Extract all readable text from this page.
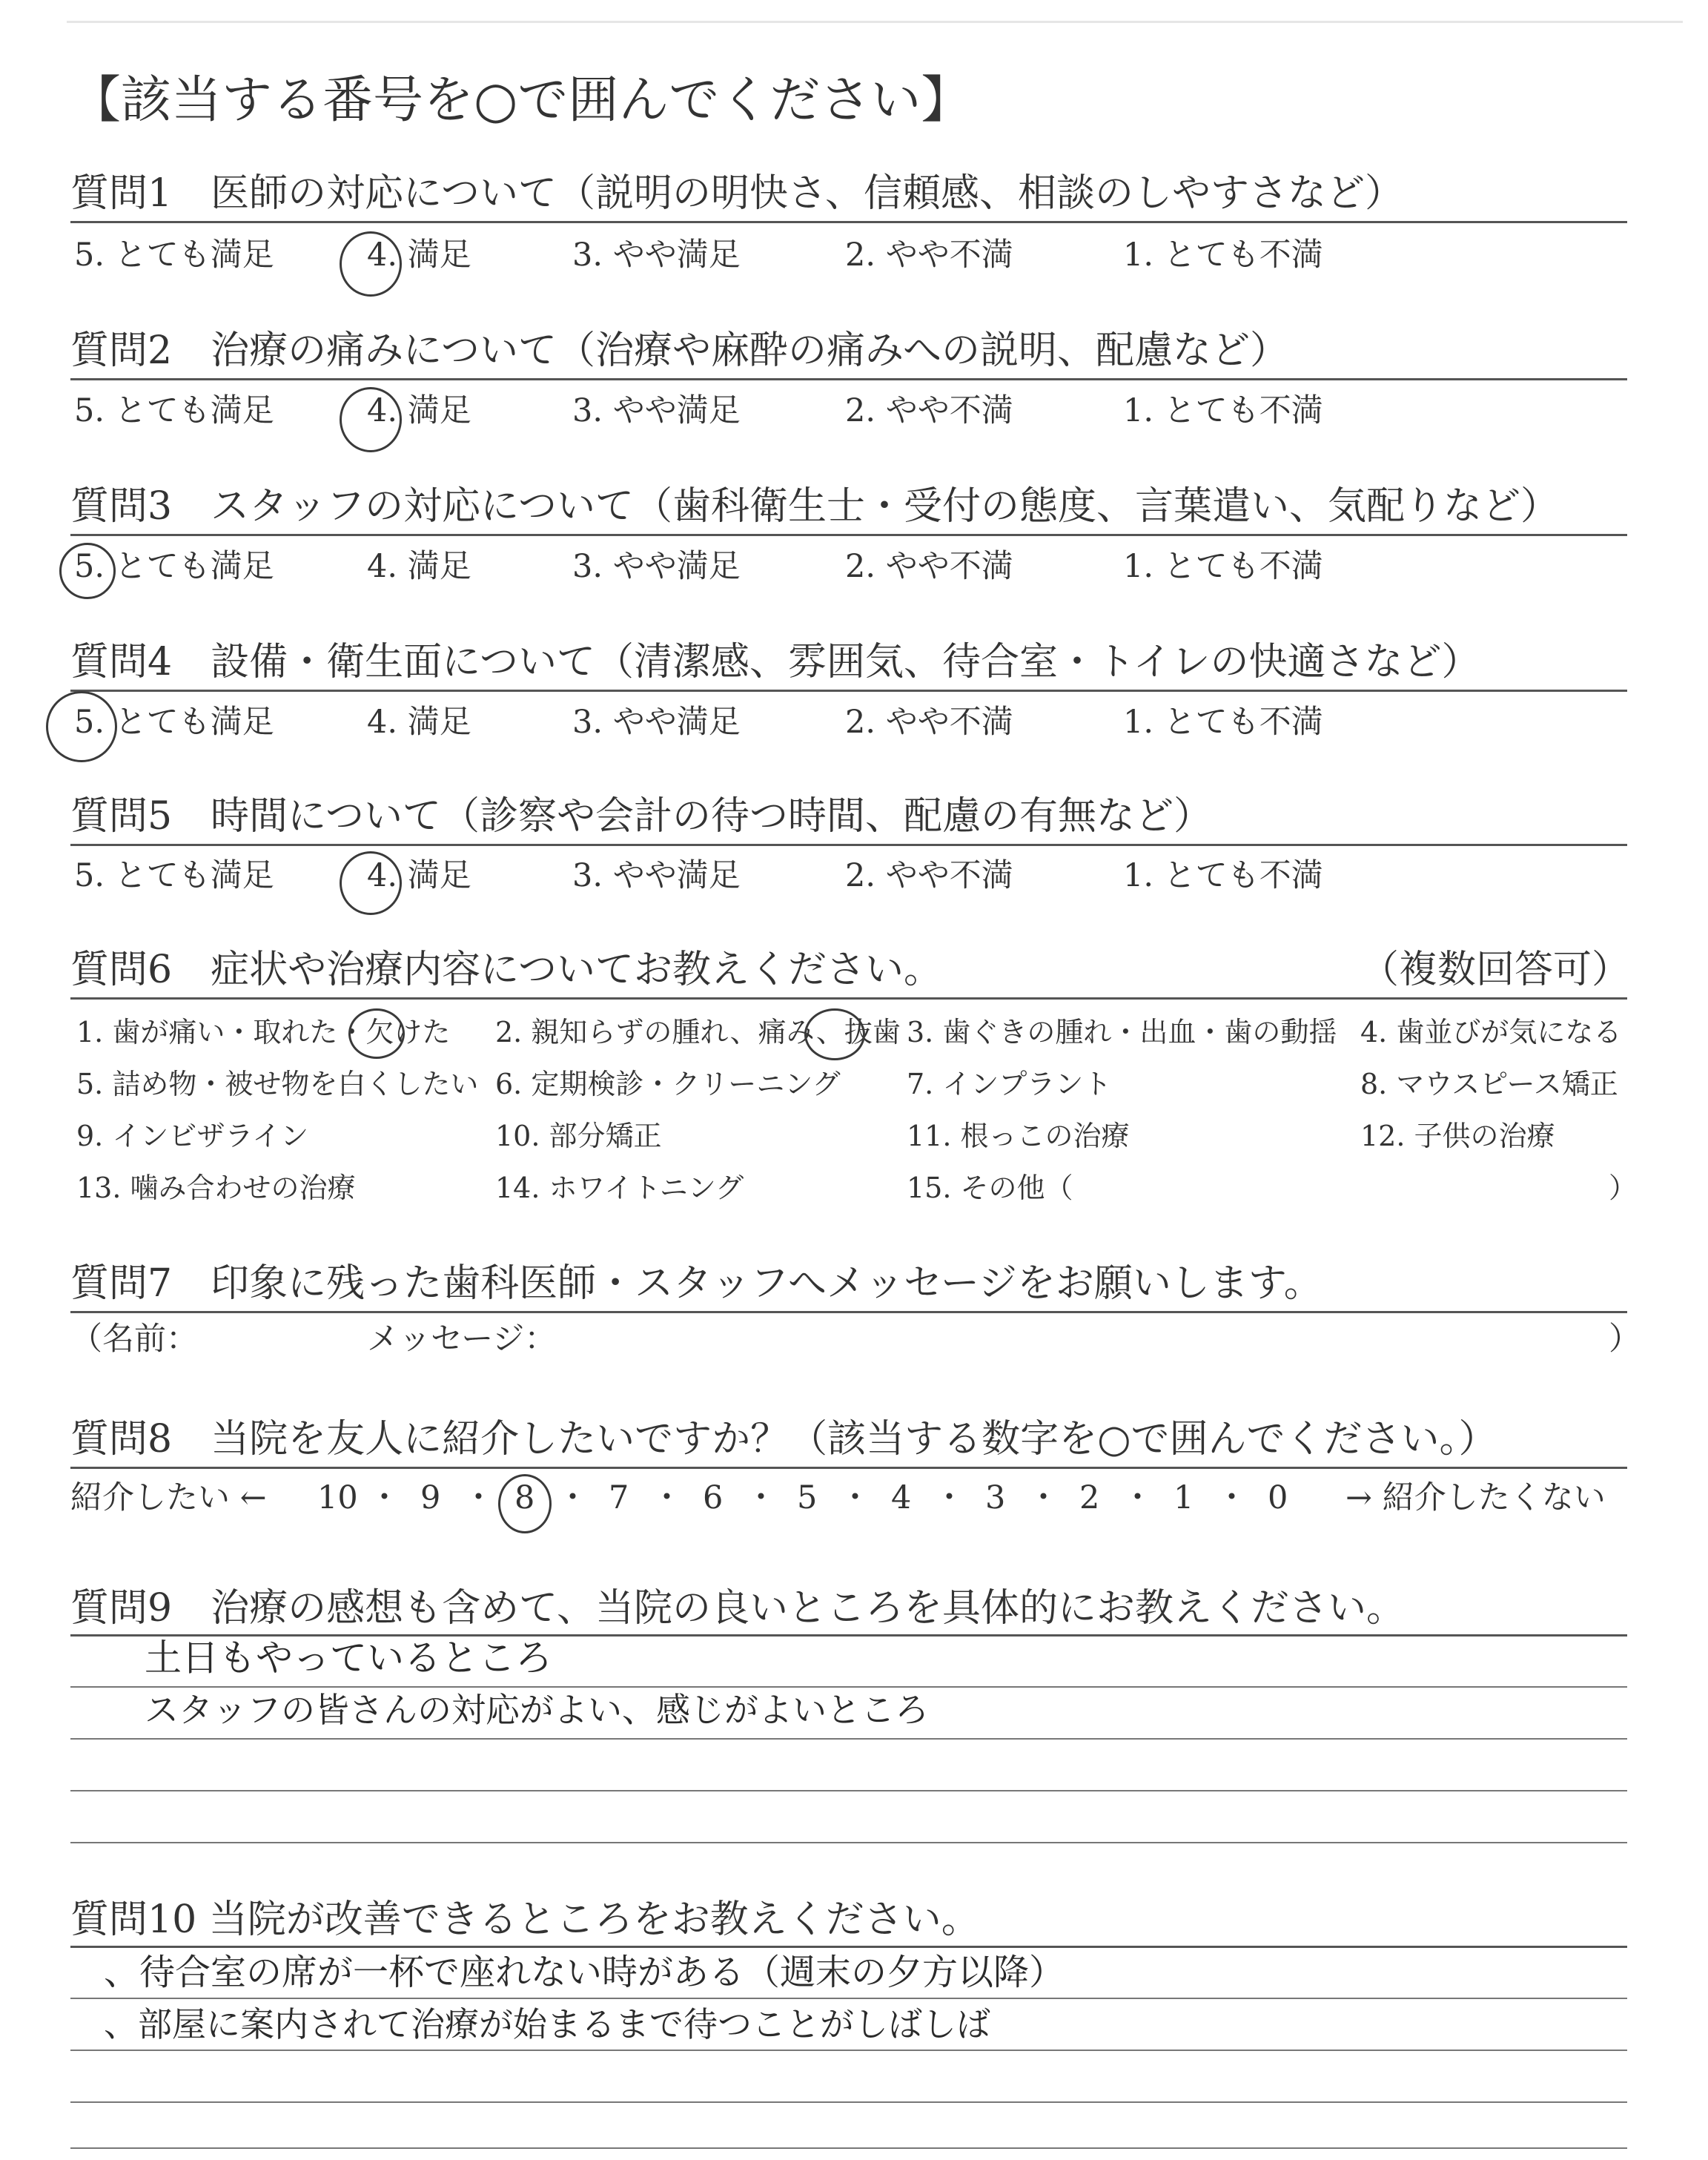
【該当する番号を○で囲んでください】
質問1　医師の対応について（説明の明快さ、信頼感、相談のしやすさなど）
5. とても満足	4. 満足	3. やや満足	2. やや不満	1. とても不満
質問2　治療の痛みについて（治療や麻酔の痛みへの説明、配慮など）
5. とても満足	4. 満足	3. やや満足	2. やや不満	1. とても不満
質問3　スタッフの対応について（歯科衛生士・受付の態度、言葉遣い、気配りなど）
5. とても満足	4. 満足	3. やや満足	2. やや不満	1. とても不満
質問4　設備・衛生面について（清潔感、雰囲気、待合室・トイレの快適さなど）
5. とても満足	4. 満足	3. やや満足	2. やや不満	1. とても不満
質問5　時間について（診察や会計の待つ時間、配慮の有無など）
5. とても満足	4. 満足	3. やや満足	2. やや不満	1. とても不満
質問6　症状や治療内容についてお教えください。	（複数回答可）
1. 歯が痛い・取れた・欠けた 2. 親知らずの腫れ、痛み、抜歯 3. 歯ぐきの腫れ・出血・歯の動揺 4. 歯並びが気になる
5. 詰め物・被せ物を白くしたい 6. 定期検診・クリーニング 7. インプラント	8. マウスピース矯正
9. インビザライン	10. 部分矯正	11. 根っこの治療	12. 子供の治療
13. 噛み合わせの治療	14. ホワイトニング	15. その他（	）
質問7　印象に残った歯科医師・スタッフへメッセージをお願いします。
（名前：	メッセージ：	）
質問8　当院を友人に紹介したいですか？（該当する数字を○で囲んでください。）
紹介したい ←	→ 紹介したくない
10 ・ 9 ・ 8 ・ 7 ・ 6 ・ 5 ・ 4 ・ 3 ・ 2 ・ 1 ・ 0
質問9　治療の感想も含めて、当院の良いところを具体的にお教えください。
土日もやっているところ
スタッフの皆さんの対応がよい、感じがよいところ
質問10 当院が改善できるところをお教えください。
、待合室の席が一杯で座れない時がある（週末の夕方以降）
、部屋に案内されて治療が始まるまで待つことがしばしば
